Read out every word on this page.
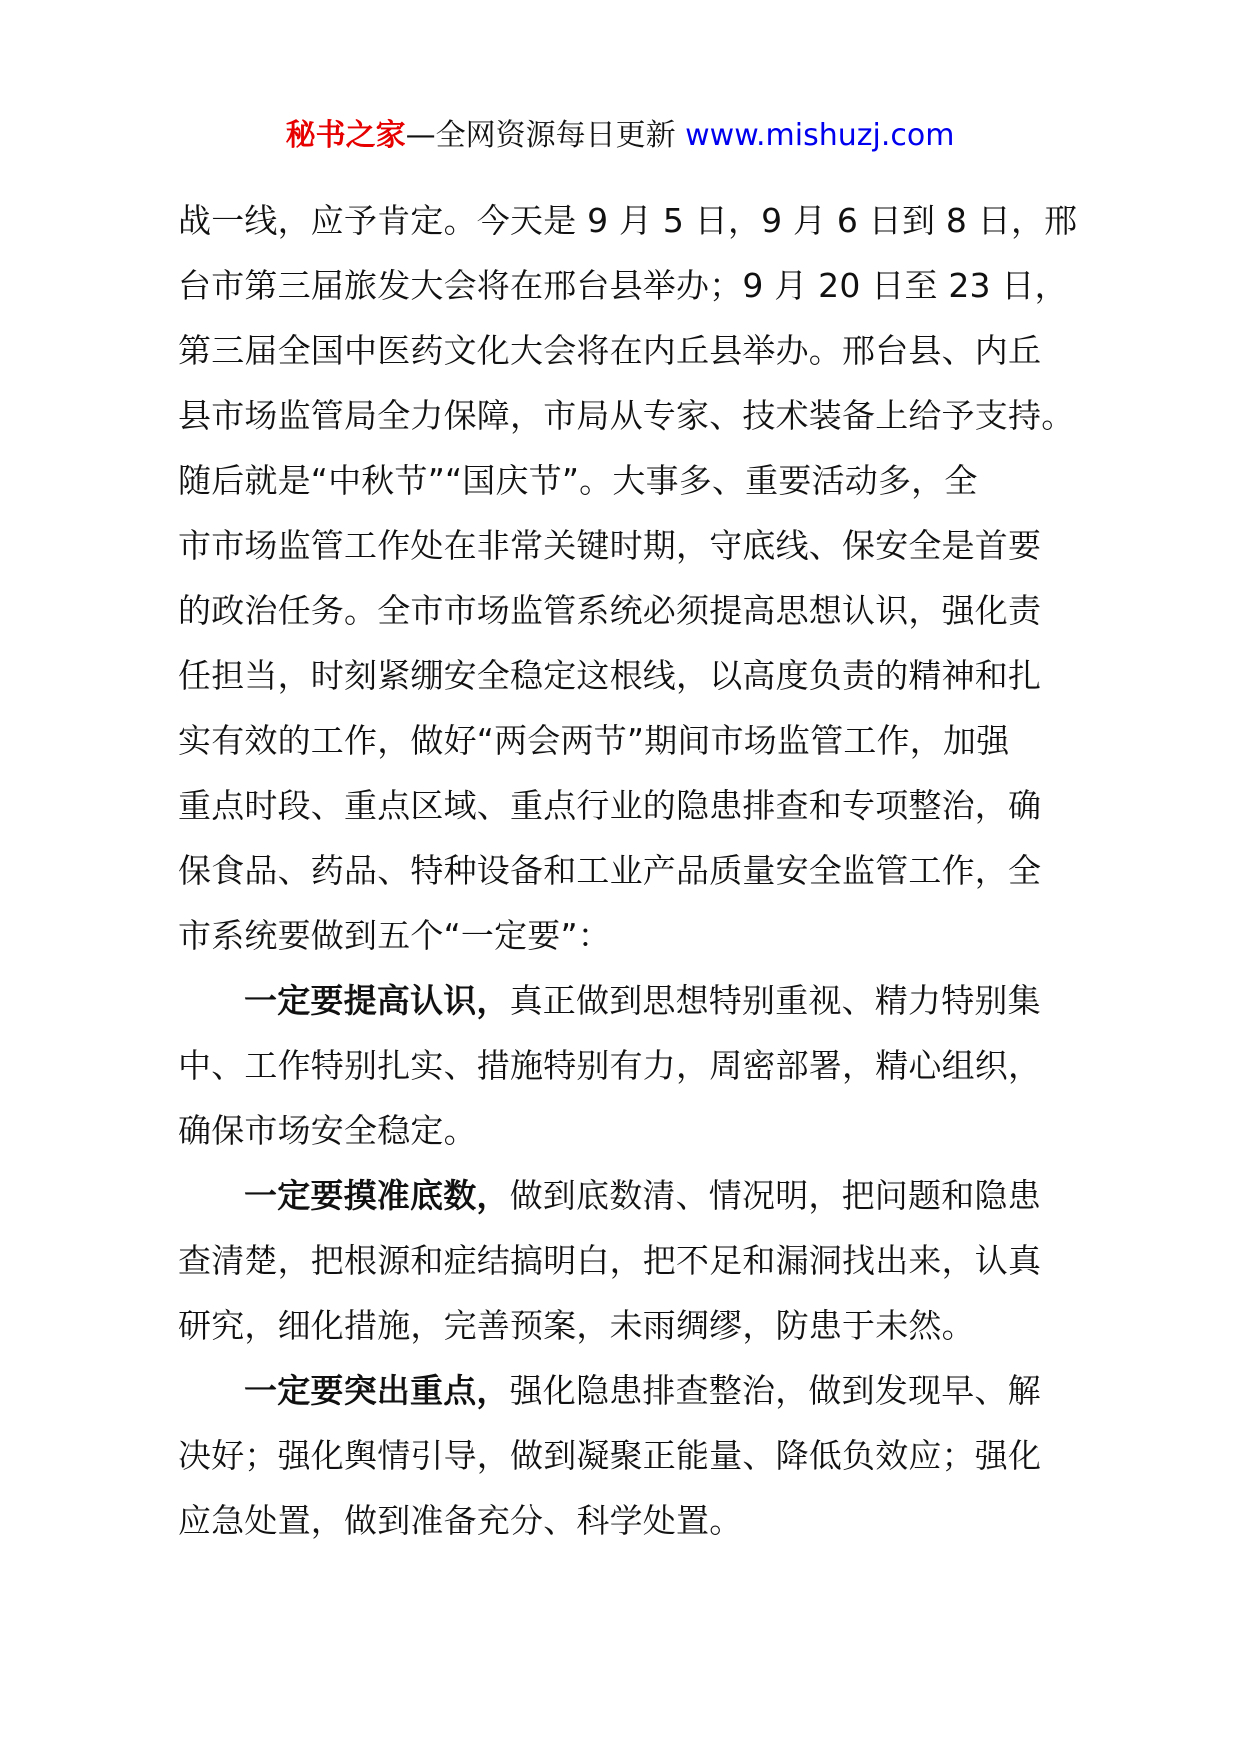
秘书之家—全网资源每日更新 www.mishuzj.com
战一线，应予肯定。今天是 9 月 5 日，9 月 6 日到 8 日，邢
台市第三届旅发大会将在邢台县举办；9 月 20 日至 23 日，
第三届全国中医药文化大会将在内丘县举办。邢台县、内丘
县市场监管局全力保障，市局从专家、技术装备上给予支持。
随后就是“中秋节”“国庆节”。大事多、重要活动多，全
市市场监管工作处在非常关键时期，守底线、保安全是首要
的政治任务。全市市场监管系统必须提高思想认识，强化责
任担当，时刻紧绷安全稳定这根线，以高度负责的精神和扎
实有效的工作，做好“两会两节”期间市场监管工作，加强
重点时段、重点区域、重点行业的隐患排查和专项整治，确
保食品、药品、特种设备和工业产品质量安全监管工作，全
市系统要做到五个“一定要”：
一定要提高认识，真正做到思想特别重视、精力特别集
中、工作特别扎实、措施特别有力，周密部署，精心组织，
确保市场安全稳定。
一定要摸准底数，做到底数清、情况明，把问题和隐患
查清楚，把根源和症结搞明白，把不足和漏洞找出来，认真
研究，细化措施，完善预案，未雨绸缪，防患于未然。
一定要突出重点，强化隐患排查整治，做到发现早、解
决好；强化舆情引导，做到凝聚正能量、降低负效应；强化
应急处置，做到准备充分、科学处置。
